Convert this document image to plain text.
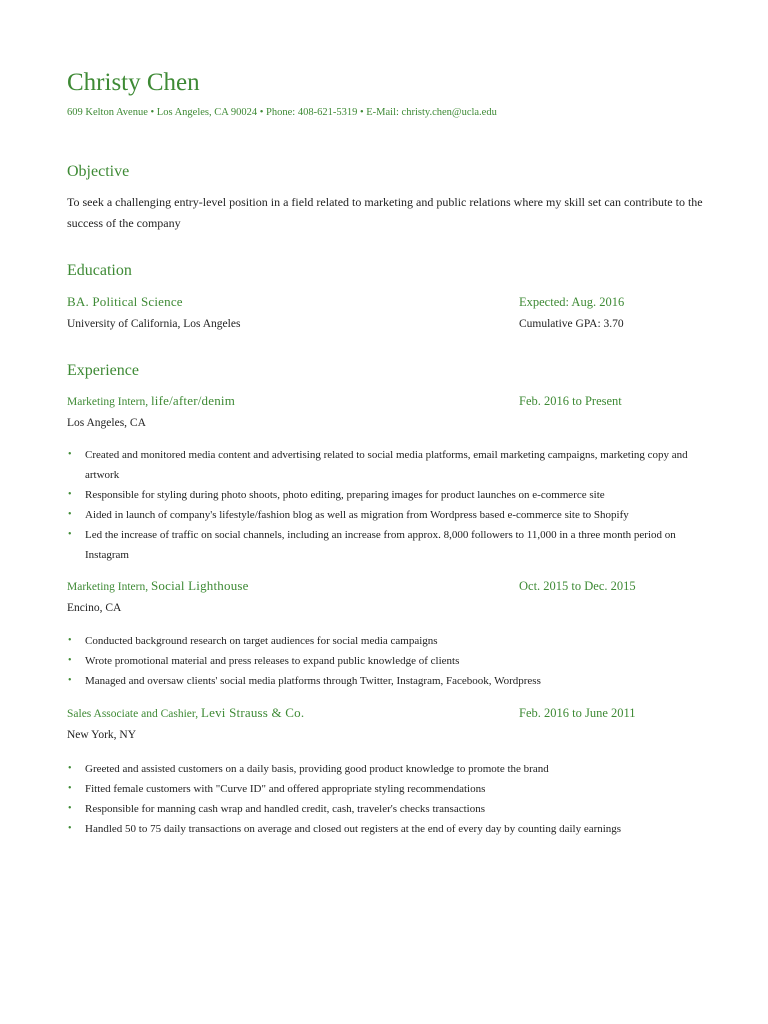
Christy Chen
609 Kelton Avenue • Los Angeles, CA 90024 • Phone: 408-621-5319 • E-Mail: christy.chen@ucla.edu
Objective
To seek a challenging entry-level position in a field related to marketing and public relations where my skill set can contribute to the success of the company
Education
BA. Political Science	Expected: Aug. 2016
University of California, Los Angeles	Cumulative GPA: 3.70
Experience
Marketing Intern, life/after/denim	Feb. 2016 to Present
Los Angeles, CA
• Created and monitored media content and advertising related to social media platforms, email marketing campaigns, marketing copy and artwork
• Responsible for styling during photo shoots, photo editing, preparing images for product launches on e-commerce site
• Aided in launch of company's lifestyle/fashion blog as well as migration from Wordpress based e-commerce site to Shopify
• Led the increase of traffic on social channels, including an increase from approx. 8,000 followers to 11,000 in a three month period on Instagram
Marketing Intern, Social Lighthouse	Oct. 2015 to Dec. 2015
Encino, CA
• Conducted background research on target audiences for social media campaigns
• Wrote promotional material and press releases to expand public knowledge of clients
• Managed and oversaw clients' social media platforms through Twitter, Instagram, Facebook, Wordpress
Sales Associate and Cashier, Levi Strauss & Co.	Feb. 2016 to June 2011
New York, NY
• Greeted and assisted customers on a daily basis, providing good product knowledge to promote the brand
• Fitted female customers with "Curve ID" and offered appropriate styling recommendations
• Responsible for manning cash wrap and handled credit, cash, traveler's checks transactions
• Handled 50 to 75 daily transactions on average and closed out registers at the end of every day by counting daily earnings
